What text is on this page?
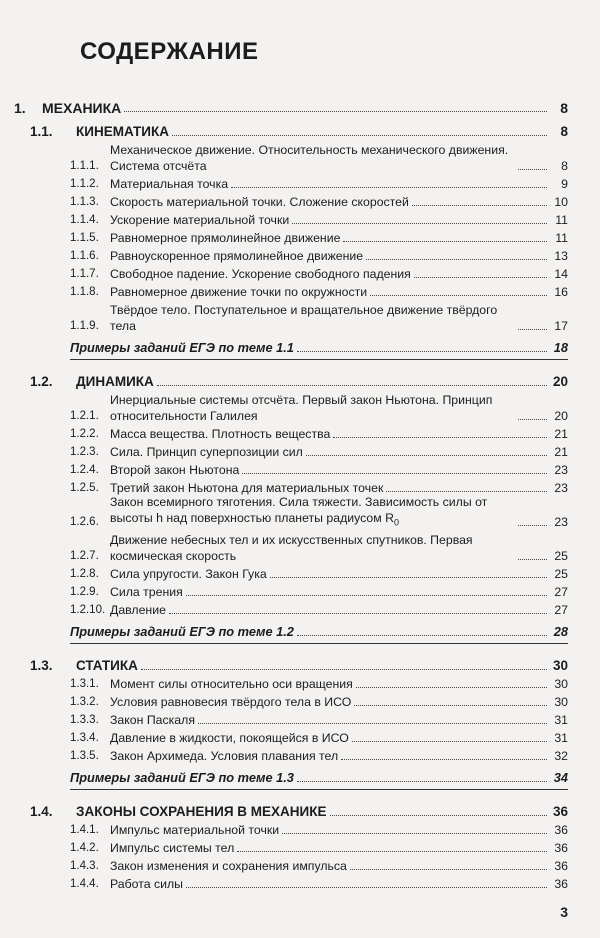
СОДЕРЖАНИЕ
1.	МЕХАНИКА	8
1.1.	КИНЕМАТИКА	8
1.1.1.
Механическое движение. Относительность механического движения. Система отсчёта	8
1.1.2. Материальная точка	9
1.1.3. Скорость материальной точки. Сложение скоростей	10
1.1.4. Ускорение материальной точки	11
1.1.5. Равномерное прямолинейное движение	11
1.1.6. Равноускоренное прямолинейное движение	13
1.1.7. Свободное падение. Ускорение свободного падения	14
1.1.8. Равномерное движение точки по окружности	16
1.1.9.
Твёрдое тело. Поступательное и вращательное движение твёрдого тела	17
Примеры заданий ЕГЭ по теме 1.1	18
1.2.	ДИНАМИКА	20
1.2.1.
Инерциальные системы отсчёта. Первый закон Ньютона. Принцип относительности Галилея	20
1.2.2. Масса вещества. Плотность вещества	21
1.2.3. Сила. Принцип суперпозиции сил	21
1.2.4. Второй закон Ньютона	23
1.2.5. Третий закон Ньютона для материальных точек	23
1.2.6.
Закон всемирного тяготения. Сила тяжести. Зависимость силы от высоты h над поверхностью планеты радиусом $R_0$	23
1.2.7.
Движение небесных тел и их искусственных спутников. Первая космическая скорость	25
1.2.8. Сила упругости. Закон Гука	25
1.2.9. Сила трения	27
1.2.10. Давление	27
Примеры заданий ЕГЭ по теме 1.2	28
1.3.	СТАТИКА	30
1.3.1. Момент силы относительно оси вращения	30
1.3.2. Условия равновесия твёрдого тела в ИСО	30
1.3.3. Закон Паскаля	31
1.3.4. Давление в жидкости, покоящейся в ИСО	31
1.3.5. Закон Архимеда. Условия плавания тел	32
Примеры заданий ЕГЭ по теме 1.3	34
1.4.	ЗАКОНЫ СОХРАНЕНИЯ В МЕХАНИКЕ	36
1.4.1. Импульс материальной точки	36
1.4.2. Импульс системы тел	36
1.4.3. Закон изменения и сохранения импульса	36
1.4.4. Работа силы	36
3
